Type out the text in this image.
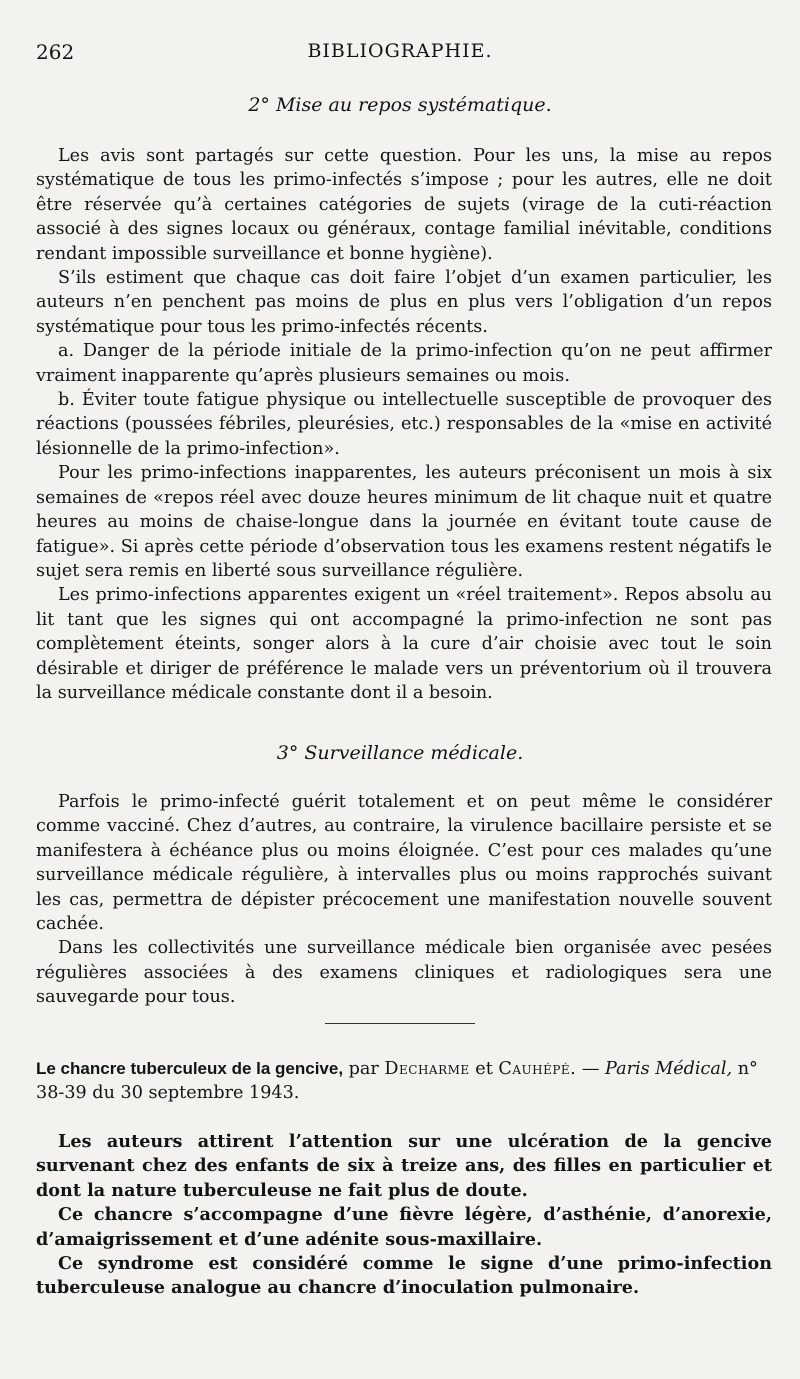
262	BIBLIOGRAPHIE.
2° Mise au repos systématique.

Les avis sont partagés sur cette question. Pour les uns, la mise au repos systématique de tous les primo-infectés s’impose ; pour les autres, elle ne doit être réservée qu’à certaines catégories de sujets (virage de la cuti-réaction associé à des signes locaux ou généraux, contage familial inévitable, conditions rendant impossible surveillance et bonne hygiène).

S’ils estiment que chaque cas doit faire l’objet d’un examen particulier, les auteurs n’en penchent pas moins de plus en plus vers l’obligation d’un repos systématique pour tous les primo-infectés récents.

a. Danger de la période initiale de la primo-infection qu’on ne peut affirmer vraiment inapparente qu’après plusieurs semaines ou mois.

b. Éviter toute fatigue physique ou intellectuelle susceptible de provoquer des réactions (poussées fébriles, pleurésies, etc.) responsables de la «mise en activité lésionnelle de la primo-infection».

Pour les primo-infections inapparentes, les auteurs préconisent un mois à six semaines de «repos réel avec douze heures minimum de lit chaque nuit et quatre heures au moins de chaise-longue dans la journée en évitant toute cause de fatigue». Si après cette période d’observation tous les examens restent négatifs le sujet sera remis en liberté sous surveillance régulière.

Les primo-infections apparentes exigent un «réel traitement». Repos absolu au lit tant que les signes qui ont accompagné la primo-infection ne sont pas complètement éteints, songer alors à la cure d’air choisie avec tout le soin désirable et diriger de préférence le malade vers un préventorium où il trouvera la surveillance médicale constante dont il a besoin.

3° Surveillance médicale.

Parfois le primo-infecté guérit totalement et on peut même le considérer comme vacciné. Chez d’autres, au contraire, la virulence bacillaire persiste et se manifestera à échéance plus ou moins éloignée. C’est pour ces malades qu’une surveillance médicale régulière, à intervalles plus ou moins rapprochés suivant les cas, permettra de dépister précocement une manifestation nouvelle souvent cachée.

Dans les collectivités une surveillance médicale bien organisée avec pesées régulières associées à des examens cliniques et radiologiques sera une sauvegarde pour tous.

Le chancre tuberculeux de la gencive, par Decharme et Cauhépé. — Paris Médical, n° 38-39 du 30 septembre 1943.

Les auteurs attirent l’attention sur une ulcération de la gencive survenant chez des enfants de six à treize ans, des filles en particulier et dont la nature tuberculeuse ne fait plus de doute.

Ce chancre s’accompagne d’une fièvre légère, d’asthénie, d’anorexie, d’amaigrissement et d’une adénite sous-maxillaire.

Ce syndrome est considéré comme le signe d’une primo-infection tuberculeuse analogue au chancre d’inoculation pulmonaire.
